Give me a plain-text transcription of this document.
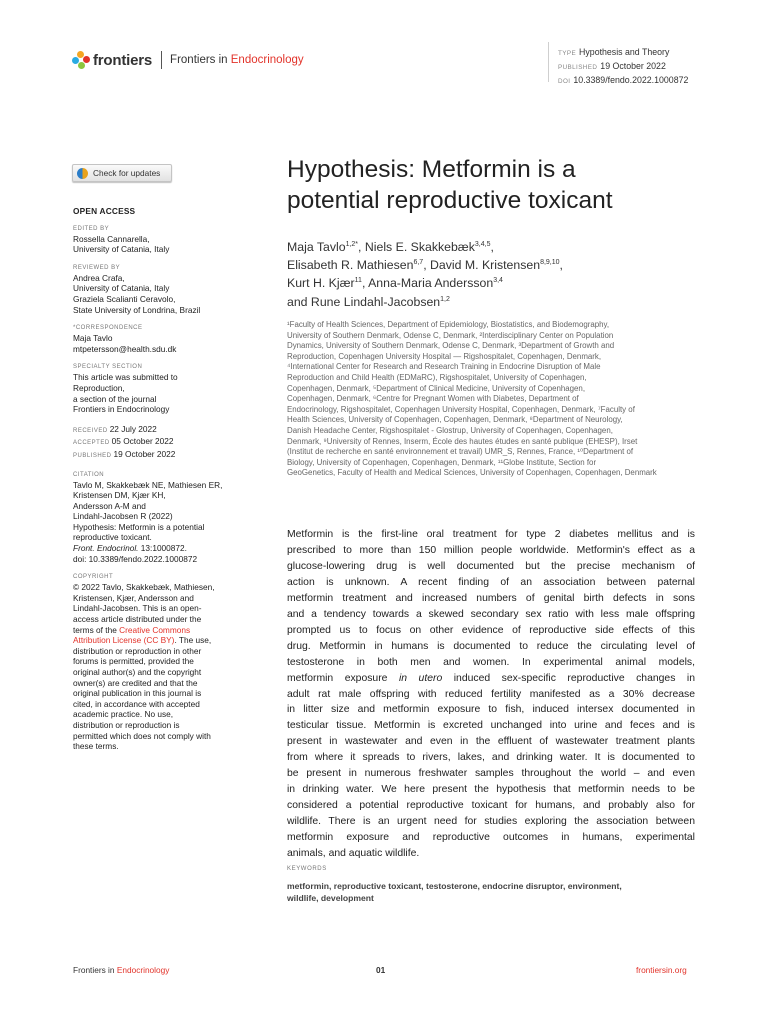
frontiers Frontiers in Endocrinology
TYPE Hypothesis and Theory
PUBLISHED 19 October 2022
DOI 10.3389/fendo.2022.1000872
Check for updates
OPEN ACCESS
EDITED BY
Rossella Cannarella,
University of Catania, Italy
REVIEWED BY
Andrea Crafa,
University of Catania, Italy
Graziela Scalianti Ceravolo,
State University of Londrina, Brazil
*CORRESPONDENCE
Maja Tavlo
mtpetersson@health.sdu.dk
SPECIALTY SECTION
This article was submitted to
Reproduction,
a section of the journal
Frontiers in Endocrinology
RECEIVED 22 July 2022
ACCEPTED 05 October 2022
PUBLISHED 19 October 2022
CITATION
Tavlo M, Skakkebæk NE, Mathiesen ER,
Kristensen DM, Kjær KH,
Andersson A-M and
Lindahl-Jacobsen R (2022)
Hypothesis: Metformin is a potential
reproductive toxicant.
Front. Endocrinol. 13:1000872.
doi: 10.3389/fendo.2022.1000872
COPYRIGHT
© 2022 Tavlo, Skakkebæk, Mathiesen,
Kristensen, Kjær, Andersson and
Lindahl-Jacobsen. This is an open-
access article distributed under the
terms of the Creative Commons
Attribution License (CC BY). The use,
distribution or reproduction in other
forums is permitted, provided the
original author(s) and the copyright
owner(s) are credited and that the
original publication in this journal is
cited, in accordance with accepted
academic practice. No use,
distribution or reproduction is
permitted which does not comply with
these terms.
Hypothesis: Metformin is a
potential reproductive toxicant
Maja Tavlo$^{1,2*}$, Niels E. Skakkebæk$^{3,4,5}$,
Elisabeth R. Mathiesen$^{6,7}$, David M. Kristensen$^{8,9,10}$,
Kurt H. Kjær$^{11}$, Anna-Maria Andersson$^{3,4}$
and Rune Lindahl-Jacobsen$^{1,2}$
¹Faculty of Health Sciences, Department of Epidemiology, Biostatistics, and Biodemography,
University of Southern Denmark, Odense C, Denmark, ²Interdisciplinary Center on Population
Dynamics, University of Southern Denmark, Odense C, Denmark, ³Department of Growth and
Reproduction, Copenhagen University Hospital — Rigshospitalet, Copenhagen, Denmark,
⁴International Center for Research and Research Training in Endocrine Disruption of Male
Reproduction and Child Health (EDMaRC), Rigshospitalet, University of Copenhagen,
Copenhagen, Denmark, ⁵Department of Clinical Medicine, University of Copenhagen,
Copenhagen, Denmark, ⁶Centre for Pregnant Women with Diabetes, Department of
Endocrinology, Rigshospitalet, Copenhagen University Hospital, Copenhagen, Denmark, ⁷Faculty of
Health Sciences, University of Copenhagen, Copenhagen, Denmark, ⁸Department of Neurology,
Danish Headache Center, Rigshospitalet - Glostrup, University of Copenhagen, Copenhagen,
Denmark, ⁹University of Rennes, Inserm, École des hautes études en santé publique (EHESP), Irset
(Institut de recherche en santé environnement et travail) UMR_S, Rennes, France, ¹⁰Department of
Biology, University of Copenhagen, Copenhagen, Denmark, ¹¹Globe Institute, Section for
GeoGenetics, Faculty of Health and Medical Sciences, University of Copenhagen, Copenhagen, Denmark
Metformin is the first-line oral treatment for type 2 diabetes mellitus and is
prescribed to more than 150 million people worldwide. Metformin's effect as a
glucose-lowering drug is well documented but the precise mechanism of
action is unknown. A recent finding of an association between paternal
metformin treatment and increased numbers of genital birth defects in sons
and a tendency towards a skewed secondary sex ratio with less male offspring
prompted us to focus on other evidence of reproductive side effects of this
drug. Metformin in humans is documented to reduce the circulating level of
testosterone in both men and women. In experimental animal models,
metformin exposure in utero induced sex-specific reproductive changes in
adult rat male offspring with reduced fertility manifested as a 30% decrease
in litter size and metformin exposure to fish, induced intersex documented in
testicular tissue. Metformin is excreted unchanged into urine and feces and is
present in wastewater and even in the effluent of wastewater treatment plants
from where it spreads to rivers, lakes, and drinking water. It is documented to
be present in numerous freshwater samples throughout the world – and even
in drinking water. We here present the hypothesis that metformin needs to be
considered a potential reproductive toxicant for humans, and probably also for
wildlife. There is an urgent need for studies exploring the association between
metformin exposure and reproductive outcomes in humans, experimental
animals, and aquatic wildlife.
KEYWORDS
metformin, reproductive toxicant, testosterone, endocrine disruptor, environment,
wildlife, development
Frontiers in Endocrinology	01	frontiersin.org
